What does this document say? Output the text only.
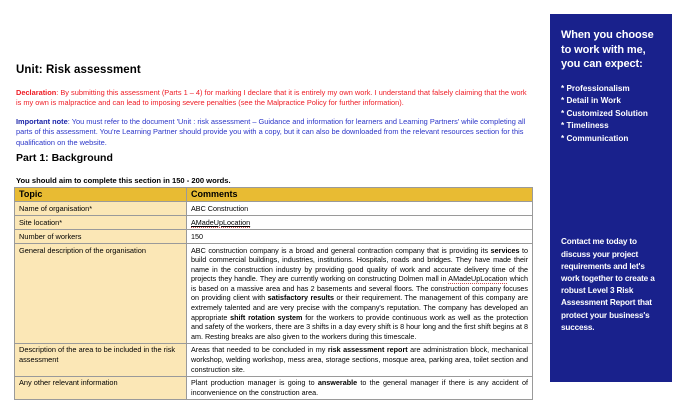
Unit: Risk assessment
Declaration: By submitting this assessment (Parts 1 – 4) for marking I declare that it is entirely my own work. I understand that falsely claiming that the work is my own is malpractice and can lead to imposing severe penalties (see the Malpractice Policy for further information).
Important note: You must refer to the document 'Unit : risk assessment – Guidance and information for learners and Learning Partners' while completing all parts of this assessment. You're Learning Partner should provide you with a copy, but it can also be downloaded from the relevant resources section for this qualification on the website.
Part 1: Background
You should aim to complete this section in 150 - 200 words.
Topic	Comments
Name of organisation*	ABC Construction
Site location*	AMadeUpLocation
Number of workers	150
General description of the organisation	ABC construction company is a broad and general contraction company that is providing its services to build commercial buildings, industries, institutions. Hospitals, roads and bridges. They have made their name in the construction industry by providing good quality of work and accurate delivery time of the projects they handle. They are currently working on constructing Dolmen mall in AMadeUpLocation which is based on a massive area and has 2 basements and several floors. The construction company focuses on providing client with satisfactory results or their requirement. The management of this company are extremely talented and are very precise with the company's reputation. The company has developed an appropriate shift rotation system for the workers to provide continuous work as well as the protection and safety of the workers, there are 3 shifts in a day every shift is 8 hour long and the first shift begins at 8 am. Resting breaks are also given to the workers during this timescale.
Description of the area to be included in the risk assessment	Areas that needed to be concluded in my risk assessment report are administration block, mechanical workshop, welding workshop, mess area, storage sections, mosque area, parking area, toilet section and construction site.
Any other relevant information	Plant production manager is going to answerable to the general manager if there is any accident of inconvenience on the construction area.
When you choose to work with me, you can expect:
* Professionalism
* Detail in Work
* Customized Solution
* Timeliness
* Communication
Contact me today to discuss your project requirements and let's work together to create a robust Level 3 Risk Assessment Report that protect your business's success.
